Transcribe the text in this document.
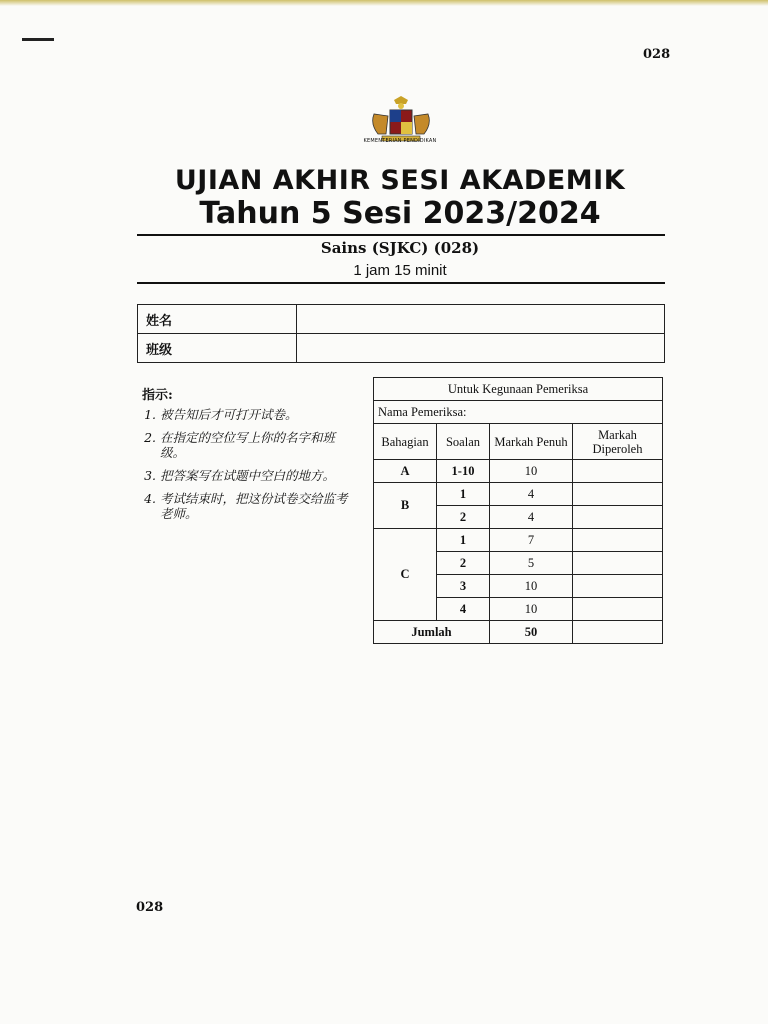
028
KEMENTERIAN PENDIDIKAN
UJIAN AKHIR SESI AKADEMIK
Tahun 5 Sesi 2023/2024
Sains (SJKC) (028)
1 jam 15 minit
姓名	
班级	
指示:
1. 被告知后才可打开试卷。
2. 在指定的空位写上你的名字和班级。
3. 把答案写在试题中空白的地方。
4. 考试结束时，把这份试卷交给监考老师。
Untuk Kegunaan Pemeriksa			
Nama Pemeriksa:			
Bahagian	Soalan	Markah Penuh	Markah Diperoleh
A	1-10	10	
B	1	4	
	2	4	
C	1	7	
	2	5	
	3	10	
	4	10	
Jumlah		50	
028
